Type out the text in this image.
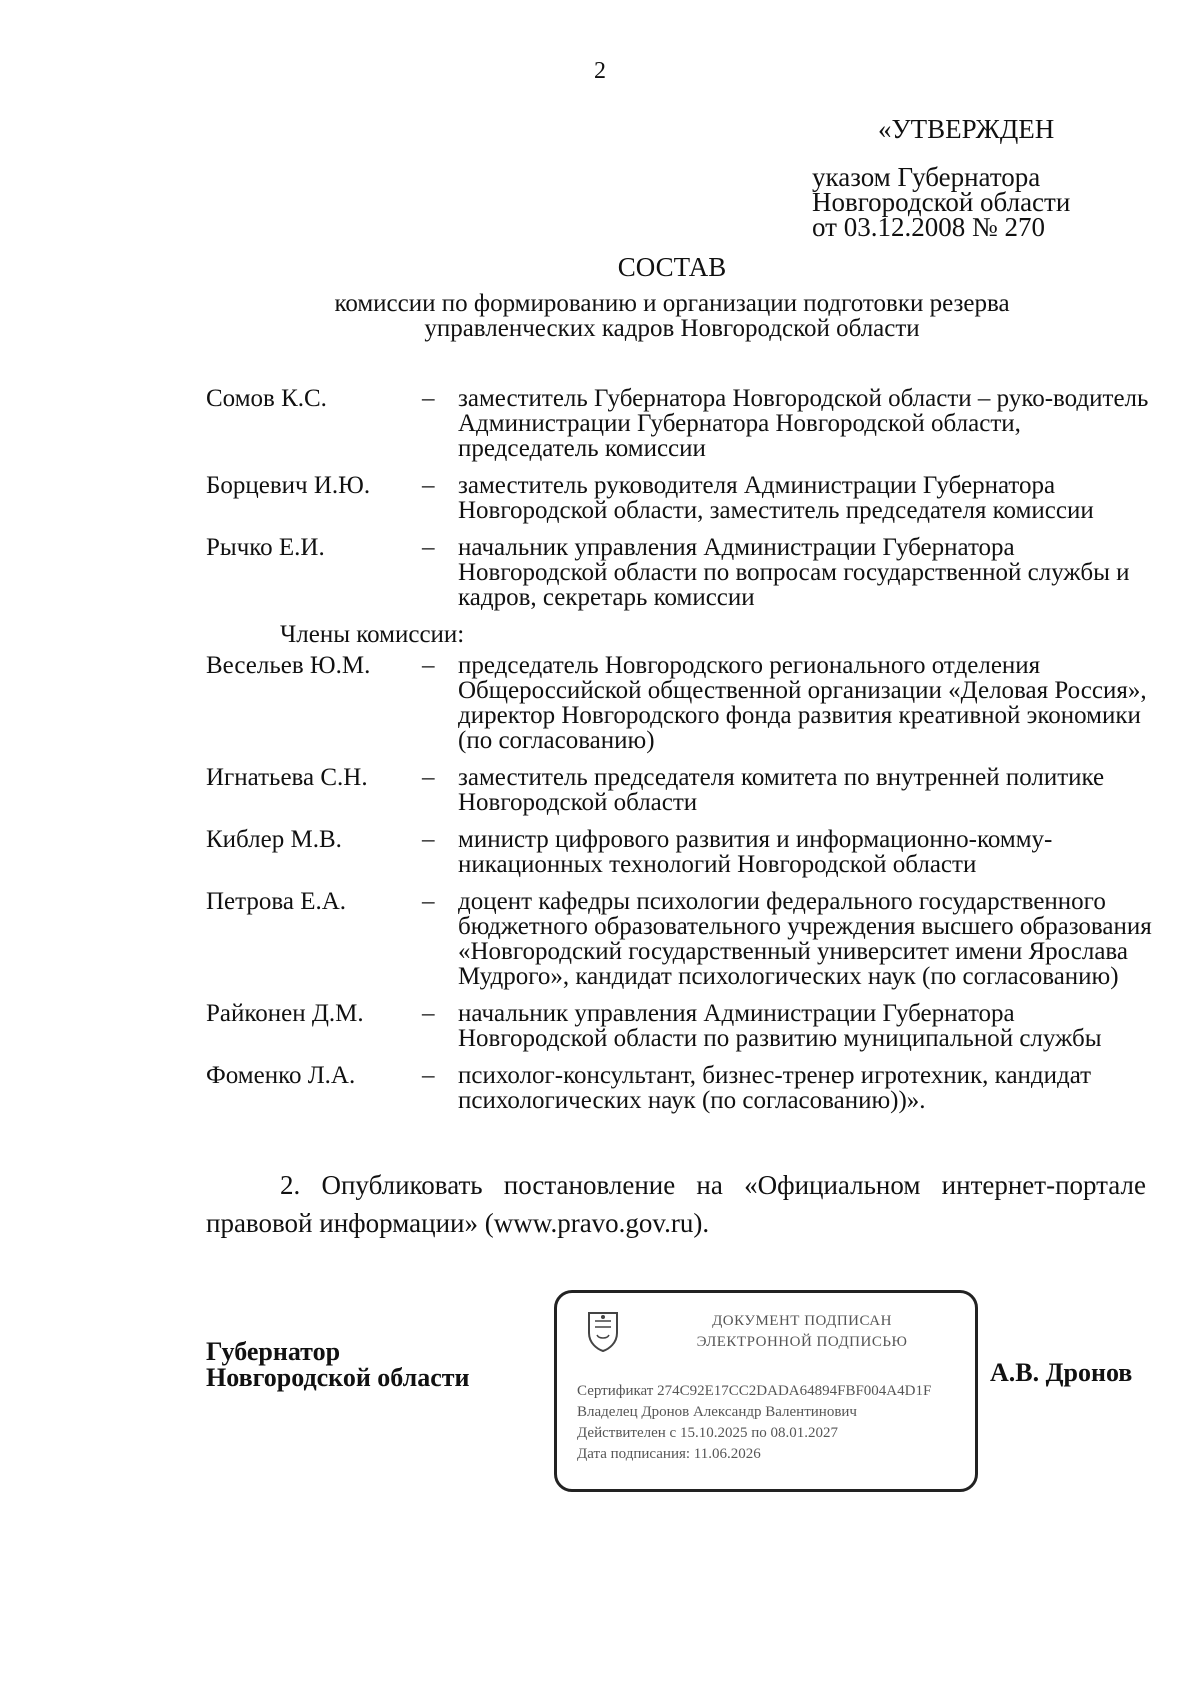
2
«УТВЕРЖДЕН
указом Губернатора
Новгородской области
от 03.12.2008 № 270
СОСТАВ
комиссии по формированию и организации подготовки резерва
управленческих кадров Новгородской области
Сомов К.С.	– заместитель Губернатора Новгородской области – руко-водитель Администрации Губернатора Новгородской области, председатель комиссии
Борцевич И.Ю.	– заместитель руководителя Администрации Губернатора Новгородской области, заместитель председателя комиссии
Рычко Е.И.	– начальник управления Администрации Губернатора Новгородской области по вопросам государственной службы и кадров, секретарь комиссии
Члены комиссии:
Весельев Ю.М.	– председатель Новгородского регионального отделения Общероссийской общественной организации «Деловая Россия», директор Новгородского фонда развития креативной экономики (по согласованию)
Игнатьева С.Н.	– заместитель председателя комитета по внутренней политике Новгородской области
Киблер М.В.	– министр цифрового развития и информационно-комму-никационных технологий Новгородской области
Петрова Е.А.	– доцент кафедры психологии федерального государственного бюджетного образовательного учреждения высшего образования «Новгородский государственный университет имени Ярослава Мудрого», кандидат психологических наук (по согласованию)
Райконен Д.М.	– начальник управления Администрации Губернатора Новгородской области по развитию муниципальной службы
Фоменко Л.А.	– психолог-консультант, бизнес-тренер игротехник, кандидат психологических наук (по согласованию))».
2. Опубликовать постановление на «Официальном интернет-портале правовой информации» (www.pravo.gov.ru).
Губернатор
Новгородской области
ДОКУМЕНТ ПОДПИСАН
ЭЛЕКТРОННОЙ ПОДПИСЬЮ
Сертификат 274C92E17CC2DADA64894FBF004A4D1F
Владелец Дронов Александр Валентинович
Действителен с 15.10.2025 по 08.01.2027
Дата подписания: 11.06.2026
А.В. Дронов
